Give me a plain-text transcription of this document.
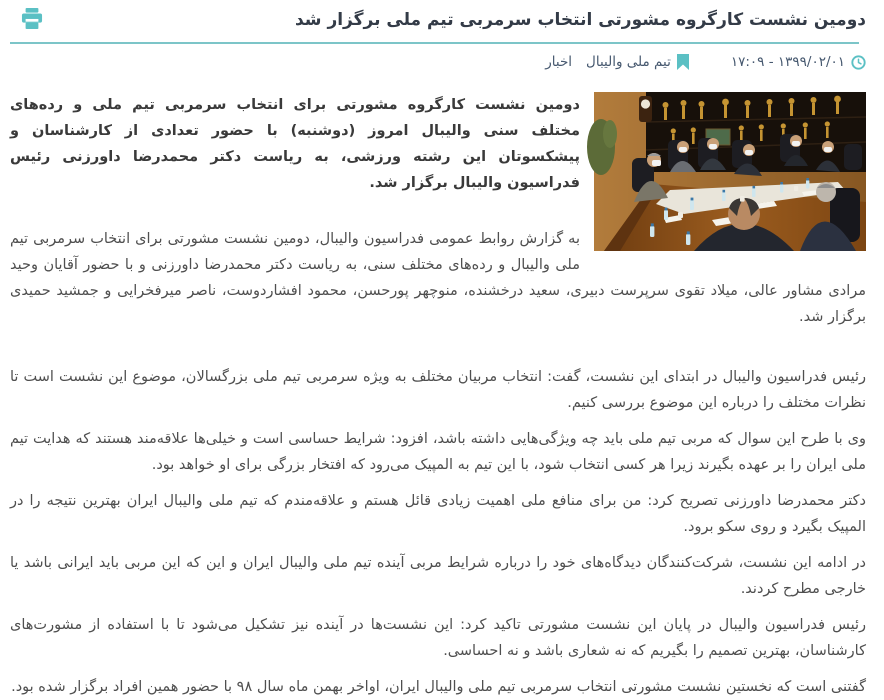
دومین نشست کارگروه مشورتی انتخاب سرمربی تیم ملی برگزار شد
۱۳۹۹/۰۲/۰۱ - ۱۷:۰۹
تیم ملی والیبال
اخبار

دومین نشست کارگروه مشورتی برای انتخاب سرمربی تیم ملی و رده‌های مختلف سنی والیبال امروز (دوشنبه) با حضور تعدادی از کارشناسان و پیشکسوتان این رشته ورزشی، به ریاست دکتر محمدرضا داورزنی رئیس فدراسیون والیبال برگزار شد.

به گزارش روابط عمومی فدراسیون والیبال، دومین نشست مشورتی برای انتخاب سرمربی تیم ملی والیبال و رده‌های مختلف سنی، به ریاست دکتر محمدرضا داورزنی و با حضور آقایان وحید مرادی مشاور عالی، میلاد تقوی سرپرست دبیری، سعید درخشنده، منوچهر پورحسن، محمود افشاردوست، ناصر میرفخرایی و جمشید حمیدی برگزار شد.

رئیس فدراسیون والیبال در ابتدای این نشست، گفت: انتخاب مربیان مختلف به ویژه سرمربی تیم ملی بزرگسالان، موضوع این نشست است تا نظرات مختلف را درباره این موضوع بررسی کنیم.

وی با طرح این سوال که مربی تیم ملی باید چه ویژگی‌هایی داشته باشد، افزود: شرایط حساسی است و خیلی‌ها علاقه‌مند هستند که هدایت تیم ملی ایران را بر عهده بگیرند زیرا هر کسی انتخاب شود، با این تیم به المپیک می‌رود که افتخار بزرگی برای او خواهد بود.

دکتر محمدرضا داورزنی تصریح کرد: من برای منافع ملی اهمیت زیادی قائل هستم و علاقه‌مندم که تیم ملی والیبال ایران بهترین نتیجه را در المپیک بگیرد و روی سکو برود.

در ادامه این نشست، شرکت‌کنندگان دیدگاه‌های خود را درباره شرایط مربی آینده تیم ملی والیبال ایران و این که این مربی باید ایرانی باشد یا خارجی مطرح کردند.

رئیس فدراسیون والیبال در پایان این نشست مشورتی تاکید کرد: این نشست‌ها در آینده نیز تشکیل می‌شود تا با استفاده از مشورت‌های کارشناسان، بهترین تصمیم را بگیریم که نه شعاری باشد و نه احساسی.

گفتنی است که نخستین نشست مشورتی انتخاب سرمربی تیم ملی والیبال ایران، اواخر بهمن ماه سال ۹۸ با حضور همین افراد برگزار شده بود.
